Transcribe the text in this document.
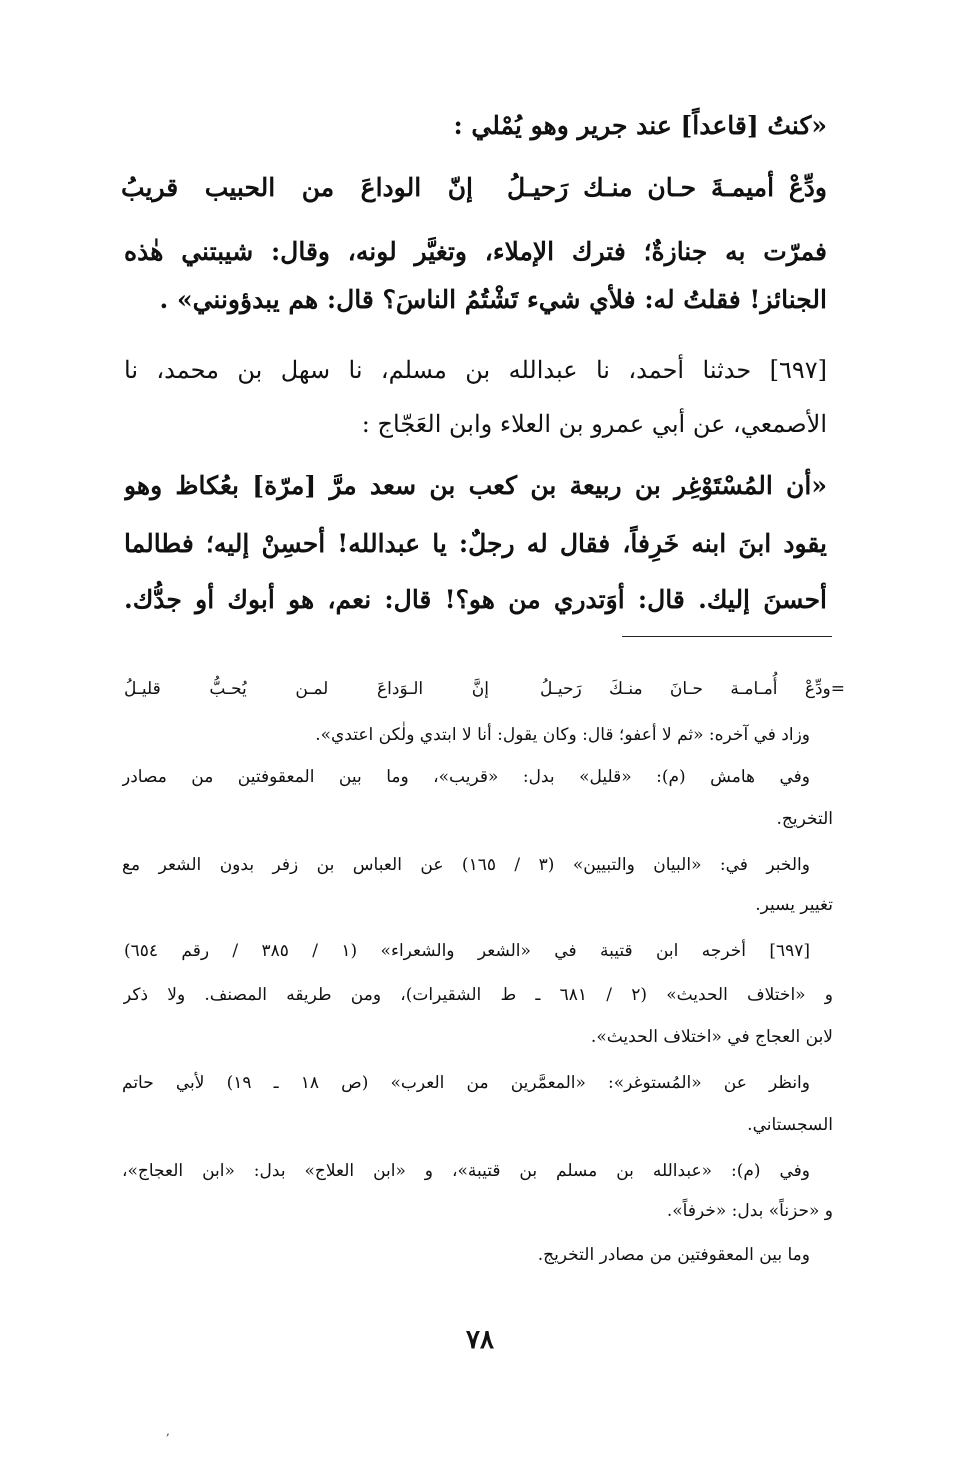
«كنتُ [قاعداً] عند جرير وهو يُمْلي :
ودِّعْ أميمـةَ حـان منـك رَحيـلُ
إنّ الوداعَ من الحبيب قريبُ
فمرّت به جنازةٌ؛ فترك الإملاء، وتغيَّر لونه، وقال: شيبتني هٰذه
الجنائز! فقلتُ له: فلأي شيء تَشْتُمُ الناسَ؟ قال: هم يبدؤونني» .
[٦٩٧] حدثنا أحمد، نا عبدالله بن مسلم، نا سهل بن محمد، نا
الأصمعي، عن أبي عمرو بن العلاء وابن العَجّاج :
«أن المُسْتَوْغِر بن ربيعة بن كعب بن سعد مرَّ [مرّة] بعُكاظ وهو
يقود ابنَ ابنه خَرِفاً، فقال له رجلٌ: يا عبدالله! أحسِنْ إليه؛ فطالما
أحسنَ إليك. قال: أوَتدري من هو؟! قال: نعم، هو أبوك أو جدُّك.
=ودِّعْ أُمـامـة حـانَ منـكَ رَحيـلُ
إنَّ الـوَداعَ لمـن يُحـبُّ قليـلُ
وزاد في آخره: «ثم لا أعفو؛ قال: وكان يقول: أنا لا ابتدي ولٰكن اعتدي».
وفي هامش (م): «قليل» بدل: «قريب»، وما بين المعقوفتين من مصادر
التخريج.
والخبر في: «البيان والتبيين» (٣ / ١٦٥) عن العباس بن زفر بدون الشعر مع
تغيير يسير.
[٦٩٧] أخرجه ابن قتيبة في «الشعر والشعراء» (١ / ٣٨٥ / رقم ٦٥٤)
و «اختلاف الحديث» (٢ / ٦٨١ ـ ط الشقيرات)، ومن طريقه المصنف. ولا ذكر
لابن العجاج في «اختلاف الحديث».
وانظر عن «المُستوغر»: «المعمَّرين من العرب» (ص ١٨ ـ ١٩) لأبي حاتم
السجستاني.
وفي (م): «عبدالله بن مسلم بن قتيبة»، و «ابن العلاج» بدل: «ابن العجاج»،
و «حزناً» بدل: «خرفاً».
وما بين المعقوفتين من مصادر التخريج.
٧٨
,
